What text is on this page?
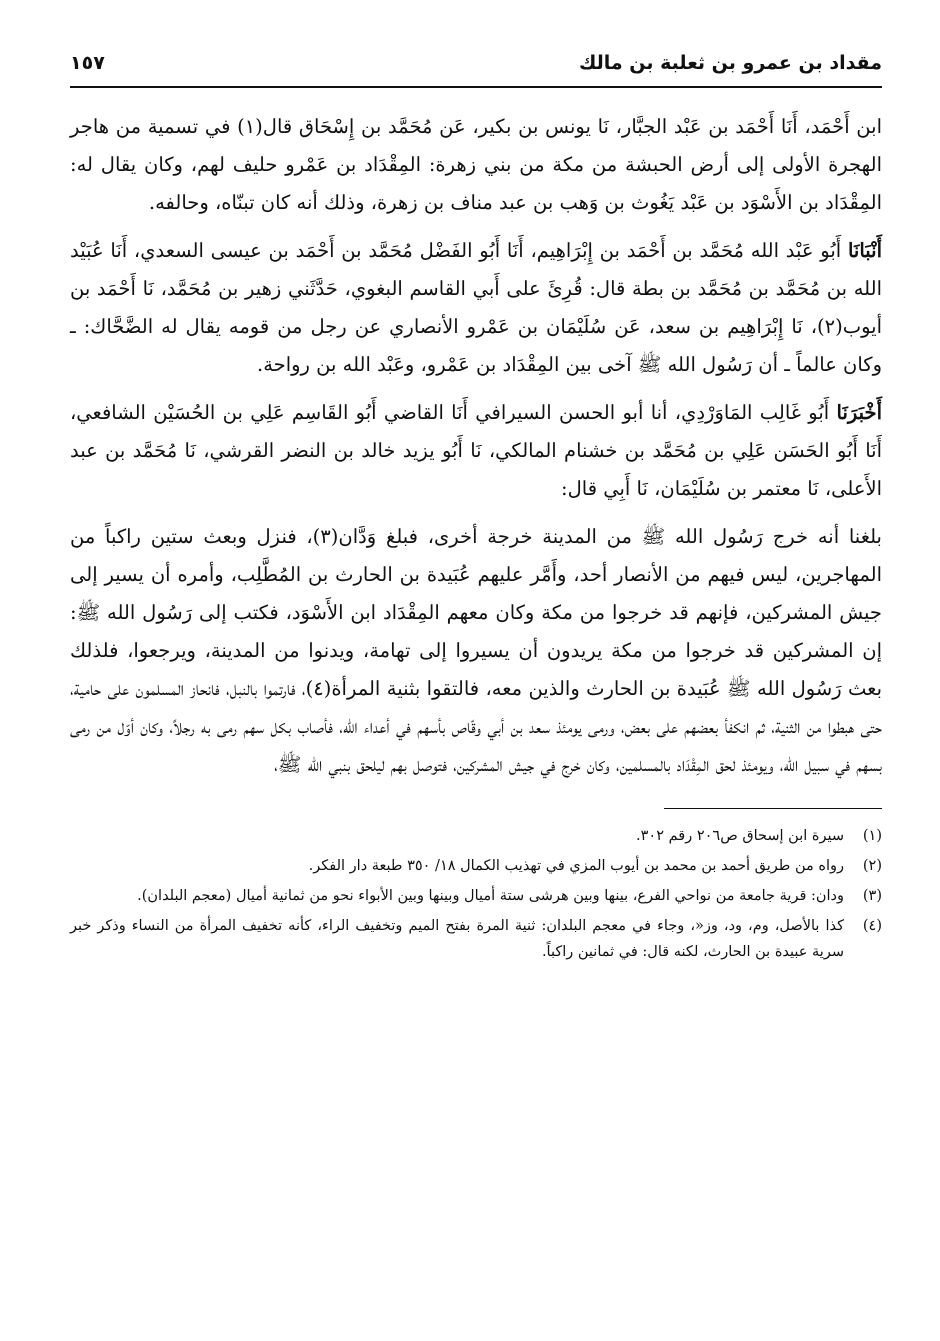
مقداد بن عمرو بن ثعلبة بن مالك
١٥٧

ابن أَحْمَد، أَنَا أَحْمَد بن عَبْد الجبَّار، نَا يونس بن بكير، عَن مُحَمَّد بن إِسْحَاق قال(١) في تسمية من هاجر الهجرة الأولى إلى أرض الحبشة من مكة من بني زهرة: المِقْدَاد بن عَمْرو حليف لهم، وكان يقال له: المِقْدَاد بن الأَسْوَد بن عَبْد يَغُوث بن وَهب بن عبد مناف بن زهرة، وذلك أنه كان تبنّاه، وحالفه.

أَنْبَانَا أَبُو عَبْد الله مُحَمَّد بن أَحْمَد بن إِبْرَاهِيم، أَنَا أَبُو الفَضْل مُحَمَّد بن أَحْمَد بن عيسى السعدي، أَنَا عُبَيْد الله بن مُحَمَّد بن مُحَمَّد بن بطة قال: قُرِئَ على أَبي القاسم البغوي، حَدَّثَني زهير بن مُحَمَّد، نَا أَحْمَد بن أيوب(٢)، نَا إِبْرَاهِيم بن سعد، عَن سُلَيْمَان بن عَمْرو الأنصاري عن رجل من قومه يقال له الضَّحَّاك: ـ وكان عالماً ـ أن رَسُول الله ﷺ آخى بين المِقْدَاد بن عَمْرو، وعَبْد الله بن رواحة.

أَخْبَرَنَا أَبُو غَالِب المَاوَرْدِي، أنا أبو الحسن السيرافي أَنَا القاضي أَبُو القَاسِم عَلِي بن الحُسَيْن الشافعي، أَنَا أَبُو الحَسَن عَلِي بن مُحَمَّد بن خشنام المالكي، نَا أَبُو يزيد خالد بن النضر القرشي، نَا مُحَمَّد بن عبد الأَعلى، نَا معتمر بن سُلَيْمَان، نَا أَبِي قال:

بلغنا أنه خرج رَسُول الله ﷺ من المدينة خرجة أخرى، فبلغ وَدَّان(٣)، فنزل وبعث ستين راكباً من المهاجرين، ليس فيهم من الأنصار أحد، وأَمَّر عليهم عُبَيدة بن الحارث بن المُطَّلِب، وأمره أن يسير إلى جيش المشركين، فإنهم قد خرجوا من مكة وكان معهم المِقْدَاد ابن الأَسْوَد، فكتب إلى رَسُول الله ﷺ: إن المشركين قد خرجوا من مكة يريدون أن يسيروا إلى تهامة، ويدنوا من المدينة، ويرجعوا، فلذلك بعث رَسُول الله ﷺ عُبَيدة بن الحارث والذين معه، فالتقوا بثنية المرأة(٤)، فارتموا بالنبل، فانحاز المسلمون على حامية، حتى هبطوا من الثنية، ثم انكفأ بعضهم على بعض، ورمى يومئذ سعد بن أبي وقّاص بأسهم في أعداء الله، فأصاب بكل سهم رمى به رجلاً، وكان أوّل من رمى بسهم في سبيل الله، ويومئذ لحق المِقْدَاد بالمسلمين، وكان خرج في جيش المشركين، فتوصل بهم ليلحق بنبي الله ﷺ،

(١)
سيرة ابن إسحاق ص٢٠٦ رقم ٣٠٢.
(٢)
رواه من طريق أحمد بن محمد بن أيوب المزي في تهذيب الكمال ١٨/ ٣٥٠ طبعة دار الفكر.
(٣)
ودان: قرية جامعة من نواحي الفرع، بينها وبين هرشى ستة أميال وبينها وبين الأبواء نحو من ثمانية أميال (معجم البلدان).
(٤)
كذا بالأصل، وم، ود، وﺯ«، وجاء في معجم البلدان: ثنية المرة بفتح الميم وتخفيف الراء، كأنه تخفيف المرأة من النساء وذكر خبر سرية عبيدة بن الحارث، لكنه قال: في ثمانين راكباً.
